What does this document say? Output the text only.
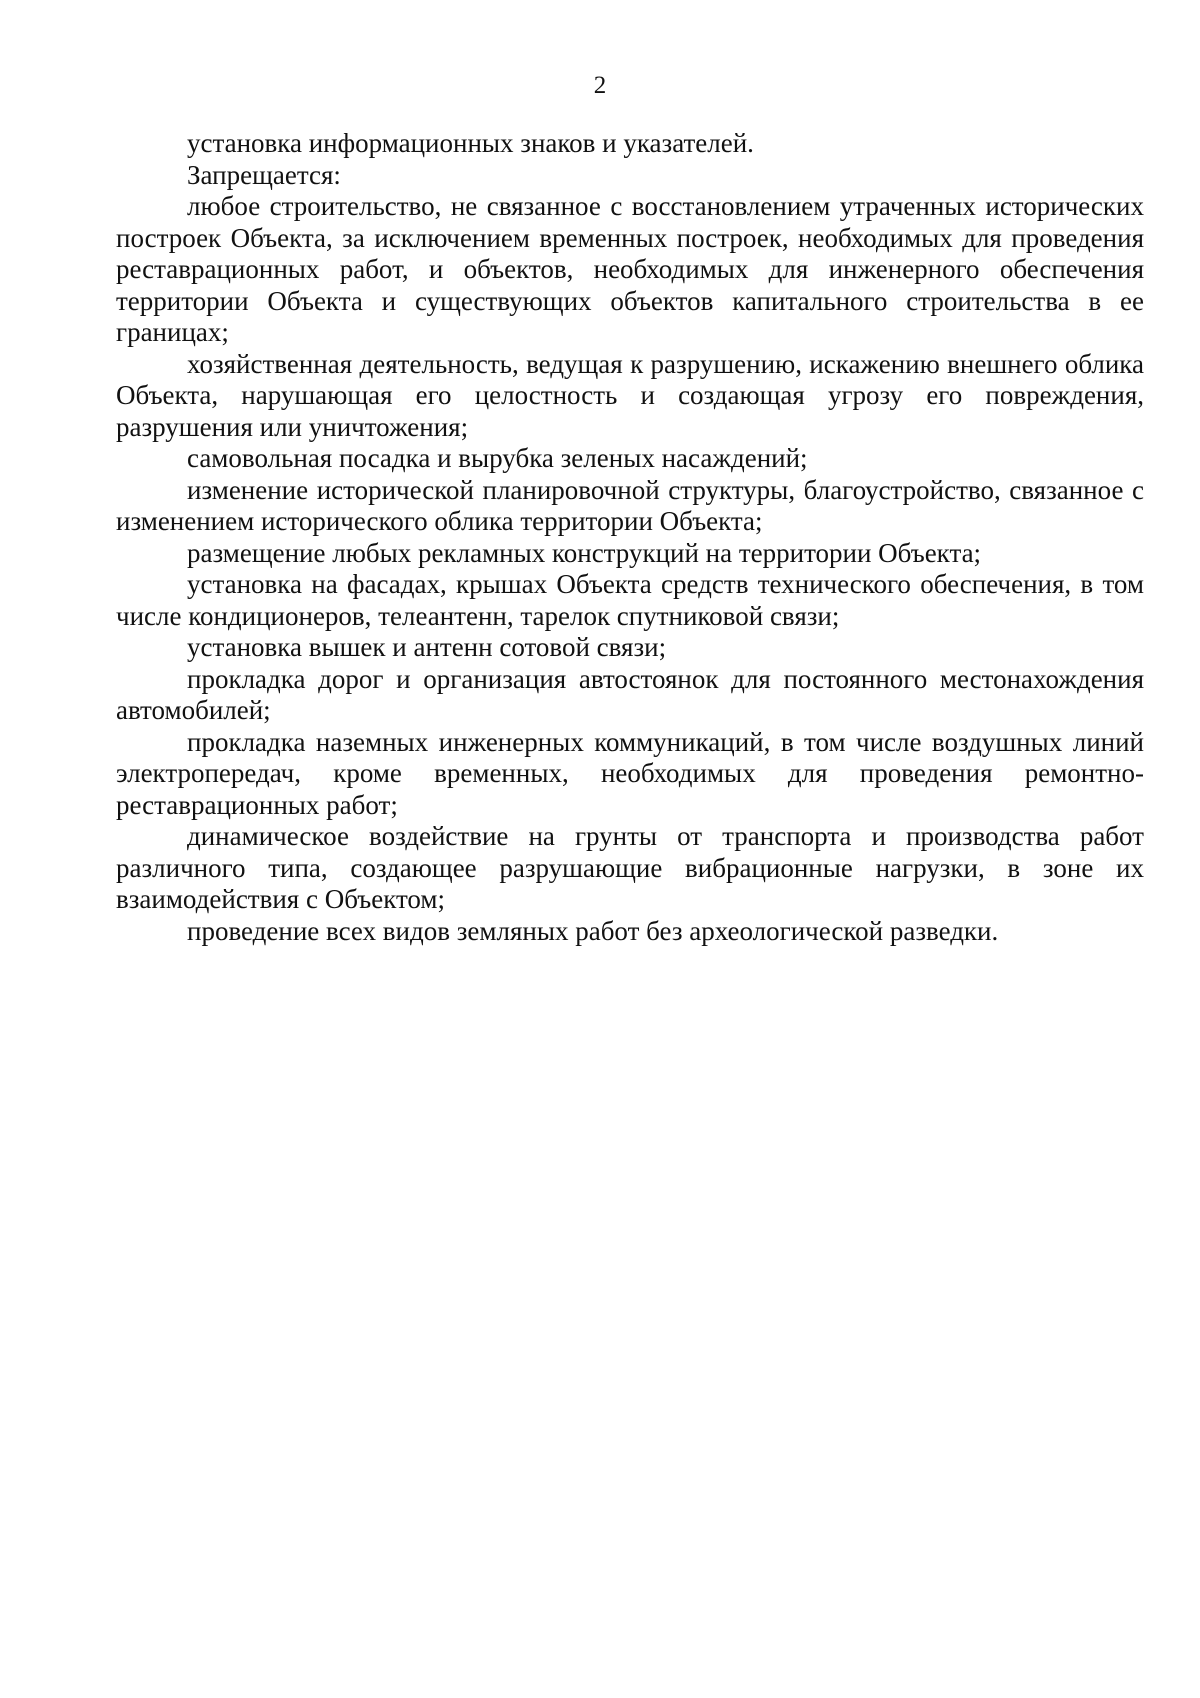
2

установка информационных знаков и указателей.

Запрещается:

любое строительство, не связанное с восстановлением утраченных исторических построек Объекта, за исключением временных построек, необходимых для проведения реставрационных работ, и объектов, необходимых для инженерного обеспечения территории Объекта и существующих объектов капитального строительства в ее границах;

хозяйственная деятельность, ведущая к разрушению, искажению внешнего облика Объекта, нарушающая его целостность и создающая угрозу его повреждения, разрушения или уничтожения;

самовольная посадка и вырубка зеленых насаждений;

изменение исторической планировочной структуры, благоустройство, связанное с изменением исторического облика территории Объекта;

размещение любых рекламных конструкций на территории Объекта;

установка на фасадах, крышах Объекта средств технического обеспечения, в том числе кондиционеров, телеантенн, тарелок спутниковой связи;

установка вышек и антенн сотовой связи;

прокладка дорог и организация автостоянок для постоянного местонахождения автомобилей;

прокладка наземных инженерных коммуникаций, в том числе воздушных линий электропередач, кроме временных, необходимых для проведения ремонтно-реставрационных работ;

динамическое воздействие на грунты от транспорта и производства работ различного типа, создающее разрушающие вибрационные нагрузки, в зоне их взаимодействия с Объектом;

проведение всех видов земляных работ без археологической разведки.
